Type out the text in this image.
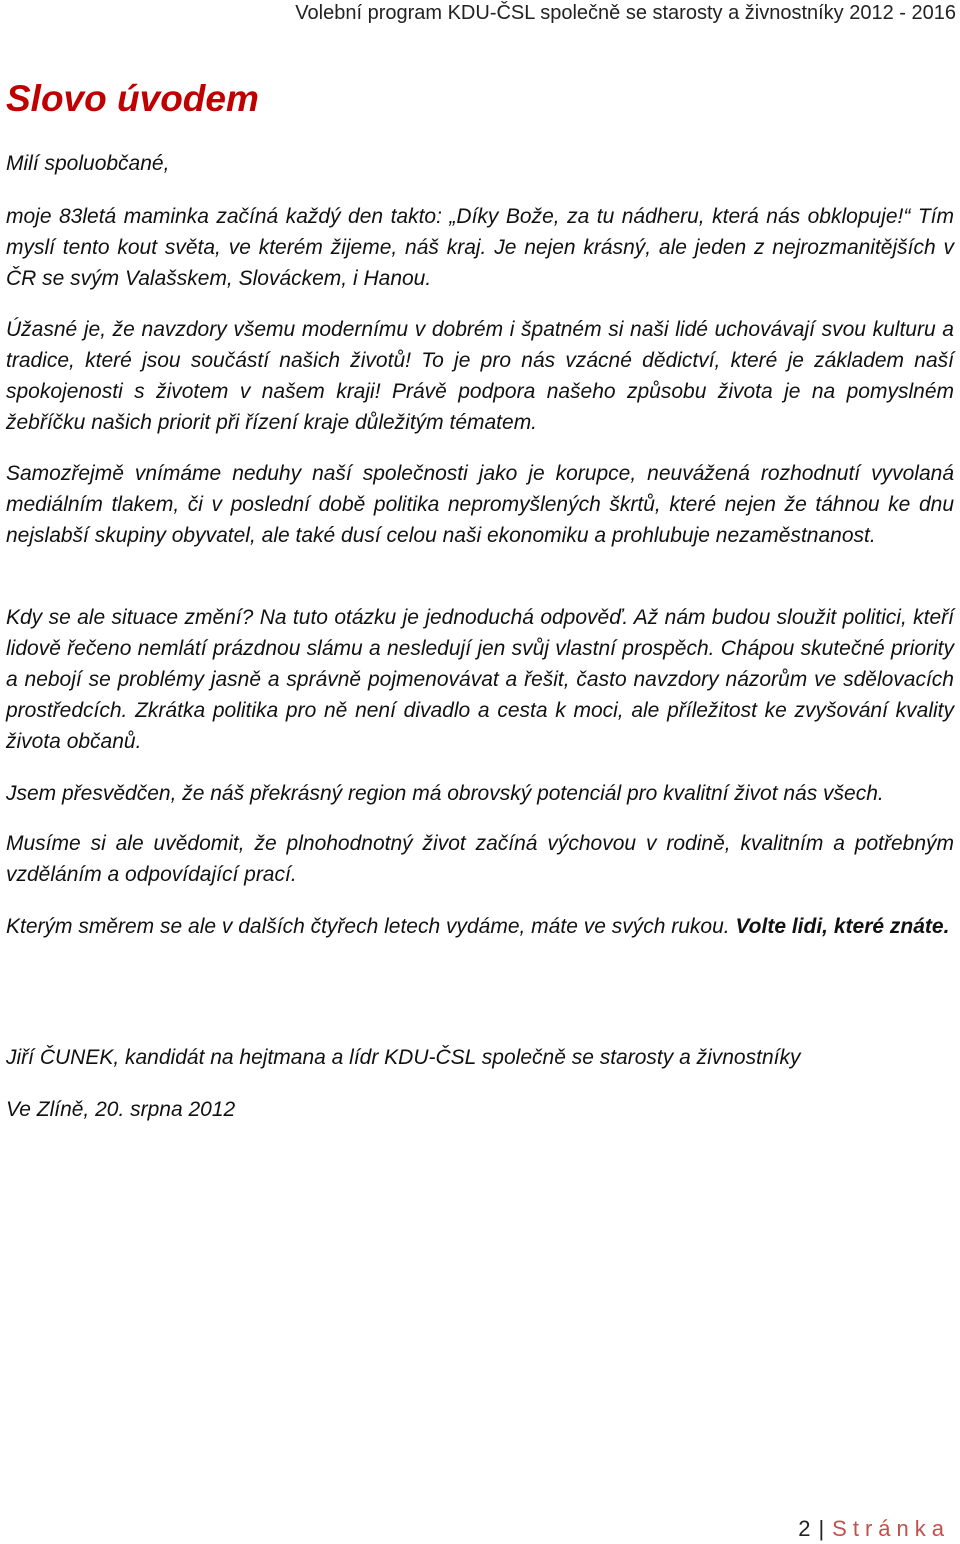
Volební program KDU-ČSL společně se starosty a živnostníky 2012 - 2016
Slovo úvodem

Milí spoluobčané,

moje 83letá maminka začíná každý den takto: „Díky Bože, za tu nádheru, která nás obklopuje!“ Tím myslí tento kout světa, ve kterém žijeme, náš kraj. Je nejen krásný, ale jeden z nejrozmanitějších v ČR se svým Valašskem, Slováckem, i Hanou.

Úžasné je, že navzdory všemu modernímu v dobrém i špatném si naši lidé uchovávají svou kulturu a tradice, které jsou součástí našich životů! To je pro nás vzácné dědictví, které je základem naší spokojenosti s životem v našem kraji! Právě podpora našeho způsobu života je na pomyslném žebříčku našich priorit při řízení kraje důležitým tématem.

Samozřejmě vnímáme neduhy naší společnosti jako je korupce, neuvážená rozhodnutí vyvolaná mediálním tlakem, či v poslední době politika nepromyšlených škrtů, které nejen že táhnou ke dnu nejslabší skupiny obyvatel, ale také dusí celou naši ekonomiku a prohlubuje nezaměstnanost.

Kdy se ale situace změní? Na tuto otázku je jednoduchá odpověď. Až nám budou sloužit politici, kteří lidově řečeno nemlátí prázdnou slámu a nesledují jen svůj vlastní prospěch. Chápou skutečné priority a nebojí se problémy jasně a správně pojmenovávat a řešit, často navzdory názorům ve sdělovacích prostředcích. Zkrátka politika pro ně není divadlo a cesta k moci, ale příležitost ke zvyšování kvality života občanů.

Jsem přesvědčen, že náš překrásný region má obrovský potenciál pro kvalitní život nás všech.

Musíme si ale uvědomit, že plnohodnotný život začíná výchovou v rodině, kvalitním a potřebným vzděláním a odpovídající prací.

Kterým směrem se ale v dalších čtyřech letech vydáme, máte ve svých rukou. Volte lidi, které znáte.

Jiří ČUNEK, kandidát na hejtmana a lídr KDU-ČSL společně se starosty a živnostníky

Ve Zlíně, 20. srpna 2012

2 | Stránka
